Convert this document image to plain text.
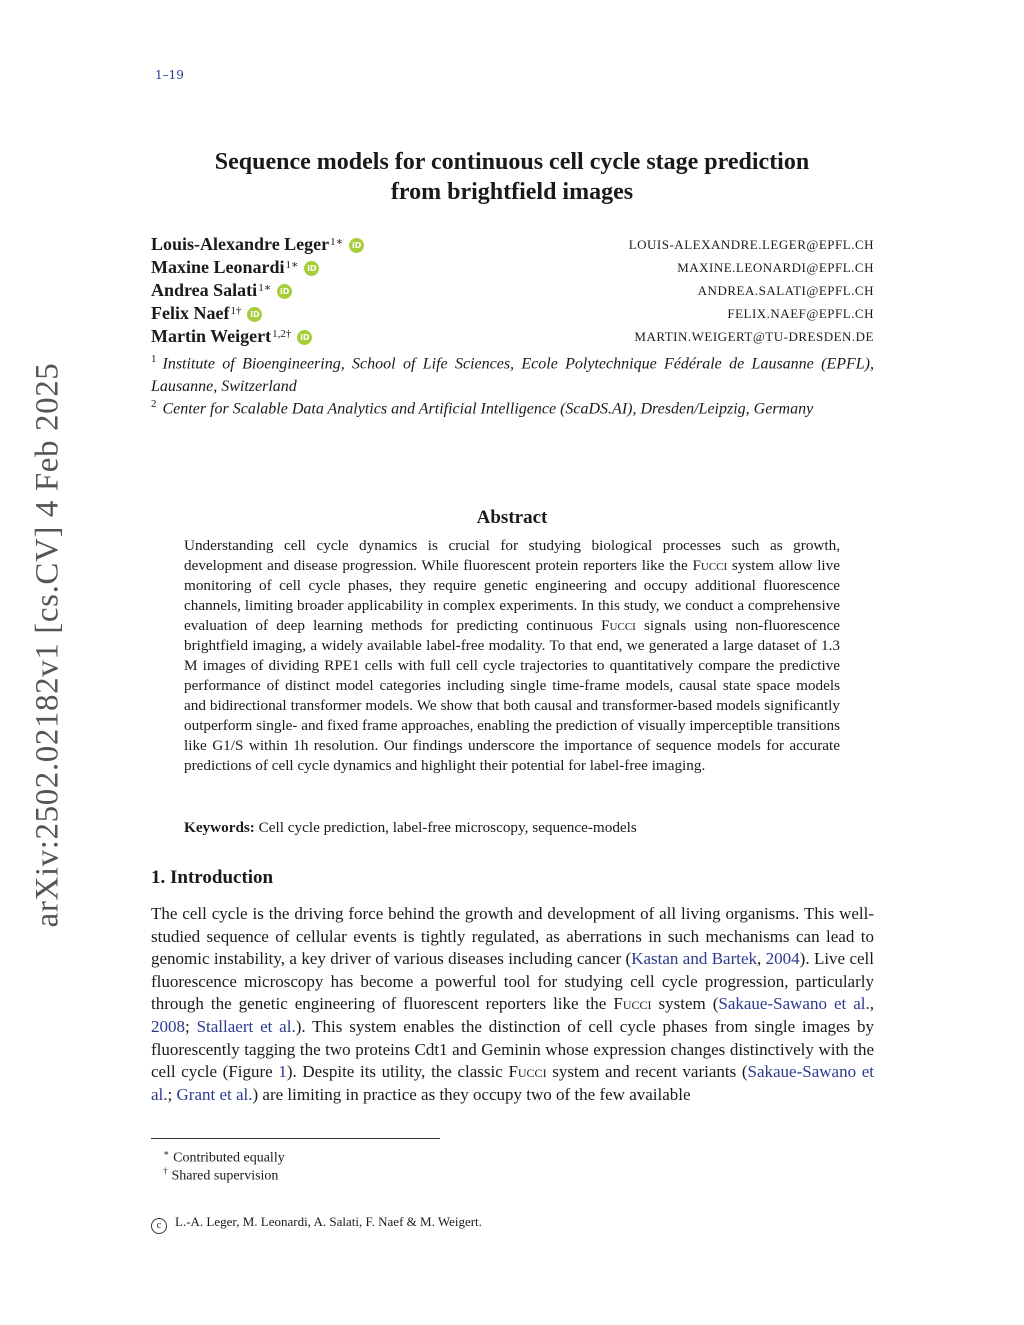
1–19
arXiv:2502.02182v1 [cs.CV] 4 Feb 2025
Sequence models for continuous cell cycle stage prediction
from brightfield images
Louis-Alexandre Leger$^{1∗}$ iD	LOUIS-ALEXANDRE.LEGER@EPFL.CH
Maxine Leonardi$^{1∗}$ iD	MAXINE.LEONARDI@EPFL.CH
Andrea Salati$^{1∗}$ iD	ANDREA.SALATI@EPFL.CH
Felix Naef$^{1\dagger}$ iD	FELIX.NAEF@EPFL.CH
Martin Weigert$^{1,2\dagger}$ iD	MARTIN.WEIGERT@TU-DRESDEN.DE
$^1$ Institute of Bioengineering, School of Life Sciences, Ecole Polytechnique Fédérale de Lausanne (EPFL), Lausanne, Switzerland
$^2$ Center for Scalable Data Analytics and Artificial Intelligence (ScaDS.AI), Dresden/Leipzig, Germany
Abstract
Understanding cell cycle dynamics is crucial for studying biological processes such as growth, development and disease progression. While fluorescent protein reporters like the Fucci system allow live monitoring of cell cycle phases, they require genetic engineering and occupy additional fluorescence channels, limiting broader applicability in complex experiments. In this study, we conduct a comprehensive evaluation of deep learning methods for predicting continuous Fucci signals using non-fluorescence brightfield imaging, a widely available label-free modality. To that end, we generated a large dataset of 1.3 M images of dividing RPE1 cells with full cell cycle trajectories to quantitatively compare the predictive performance of distinct model categories including single time-frame models, causal state space models and bidirectional transformer models. We show that both causal and transformer-based models significantly outperform single- and fixed frame approaches, enabling the prediction of visually imperceptible transitions like G1/S within 1h resolution. Our findings underscore the importance of sequence models for accurate predictions of cell cycle dynamics and highlight their potential for label-free imaging.
Keywords: Cell cycle prediction, label-free microscopy, sequence-models
1. Introduction
The cell cycle is the driving force behind the growth and development of all living organisms. This well-studied sequence of cellular events is tightly regulated, as aberrations in such mechanisms can lead to genomic instability, a key driver of various diseases including cancer (Kastan and Bartek, 2004). Live cell fluorescence microscopy has become a powerful tool for studying cell cycle progression, particularly through the genetic engineering of fluorescent reporters like the Fucci system (Sakaue-Sawano et al., 2008; Stallaert et al.). This system enables the distinction of cell cycle phases from single images by fluorescently tagging the two proteins Cdt1 and Geminin whose expression changes distinctively with the cell cycle (Figure 1). Despite its utility, the classic Fucci system and recent variants (Sakaue-Sawano et al.; Grant et al.) are limiting in practice as they occupy two of the few available
∗ Contributed equally
† Shared supervision
c L.-A. Leger, M. Leonardi, A. Salati, F. Naef & M. Weigert.
